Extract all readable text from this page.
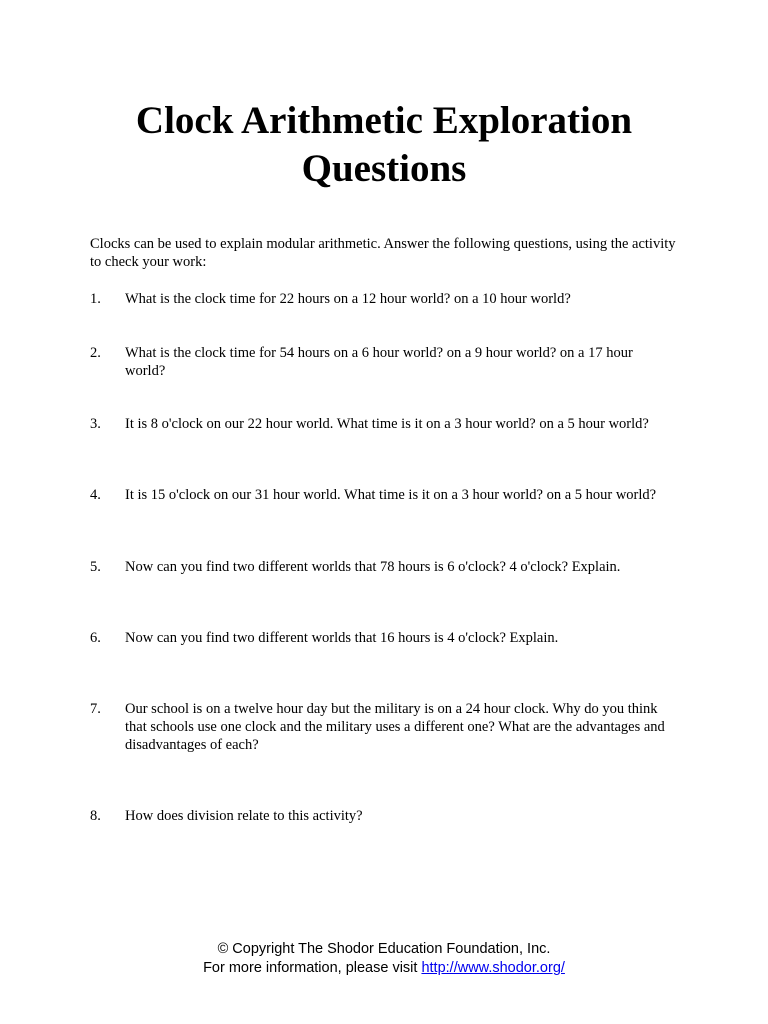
Clock Arithmetic Exploration
Questions
Clocks can be used to explain modular arithmetic. Answer the following questions, using the activity to check your work:
1.	What is the clock time for 22 hours on a 12 hour world? on a 10 hour world?
2.	What is the clock time for 54 hours on a 6 hour world? on a 9 hour world? on a 17 hour world?
3.	It is 8 o'clock on our 22 hour world. What time is it on a 3 hour world? on a 5 hour world?
4.	It is 15 o'clock on our 31 hour world. What time is it on a 3 hour world? on a 5 hour world?
5.	Now can you find two different worlds that 78 hours is 6 o'clock? 4 o'clock? Explain.
6.	Now can you find two different worlds that 16 hours is 4 o'clock? Explain.
7.	Our school is on a twelve hour day but the military is on a 24 hour clock. Why do you think that schools use one clock and the military uses a different one? What are the advantages and disadvantages of each?
8.	How does division relate to this activity?
© Copyright The Shodor Education Foundation, Inc.
For more information, please visit http://www.shodor.org/
